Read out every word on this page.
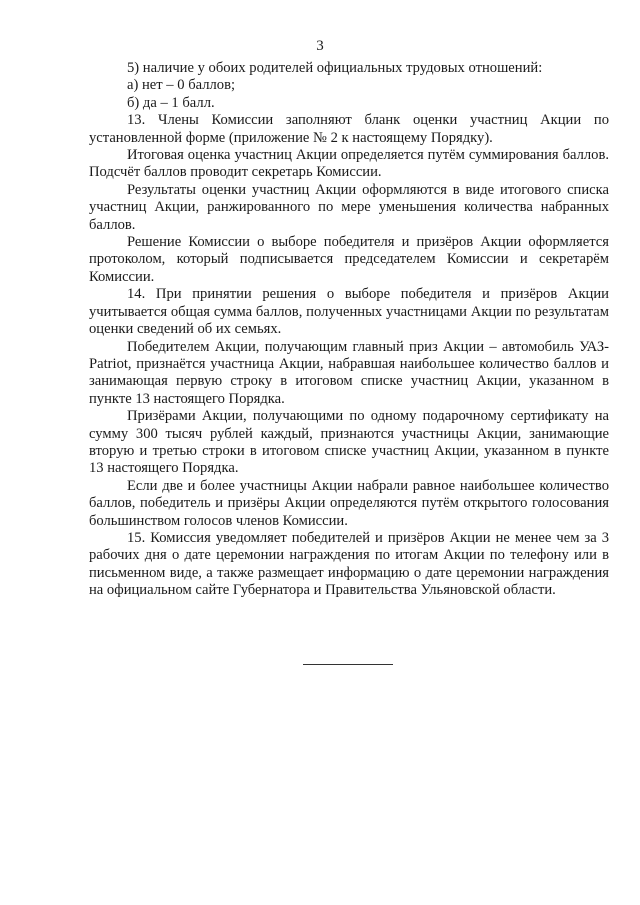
3

5) наличие у обоих родителей официальных трудовых отношений:

а) нет – 0 баллов;

б) да – 1 балл.

13. Члены Комиссии заполняют бланк оценки участниц Акции по установленной форме (приложение № 2 к настоящему Порядку).

Итоговая оценка участниц Акции определяется путём суммирования баллов. Подсчёт баллов проводит секретарь Комиссии.

Результаты оценки участниц Акции оформляются в виде итогового списка участниц Акции, ранжированного по мере уменьшения количества набранных баллов.

Решение Комиссии о выборе победителя и призёров Акции оформляется протоколом, который подписывается председателем Комиссии и секретарём Комиссии.

14. При принятии решения о выборе победителя и призёров Акции учитывается общая сумма баллов, полученных участницами Акции по результатам оценки сведений об их семьях.

Победителем Акции, получающим главный приз Акции – автомобиль УАЗ-Patriot, признаётся участница Акции, набравшая наибольшее количество баллов и занимающая первую строку в итоговом списке участниц Акции, указанном в пункте 13 настоящего Порядка.

Призёрами Акции, получающими по одному подарочному сертификату на сумму 300 тысяч рублей каждый, признаются участницы Акции, занимающие вторую и третью строки в итоговом списке участниц Акции, указанном в пункте 13 настоящего Порядка.

Если две и более участницы Акции набрали равное наибольшее количество баллов, победитель и призёры Акции определяются путём открытого голосования большинством голосов членов Комиссии.

15. Комиссия уведомляет победителей и призёров Акции не менее чем за 3 рабочих дня о дате церемонии награждения по итогам Акции по телефону или в письменном виде, а также размещает информацию о дате церемонии награждения на официальном сайте Губернатора и Правительства Ульяновской области.
